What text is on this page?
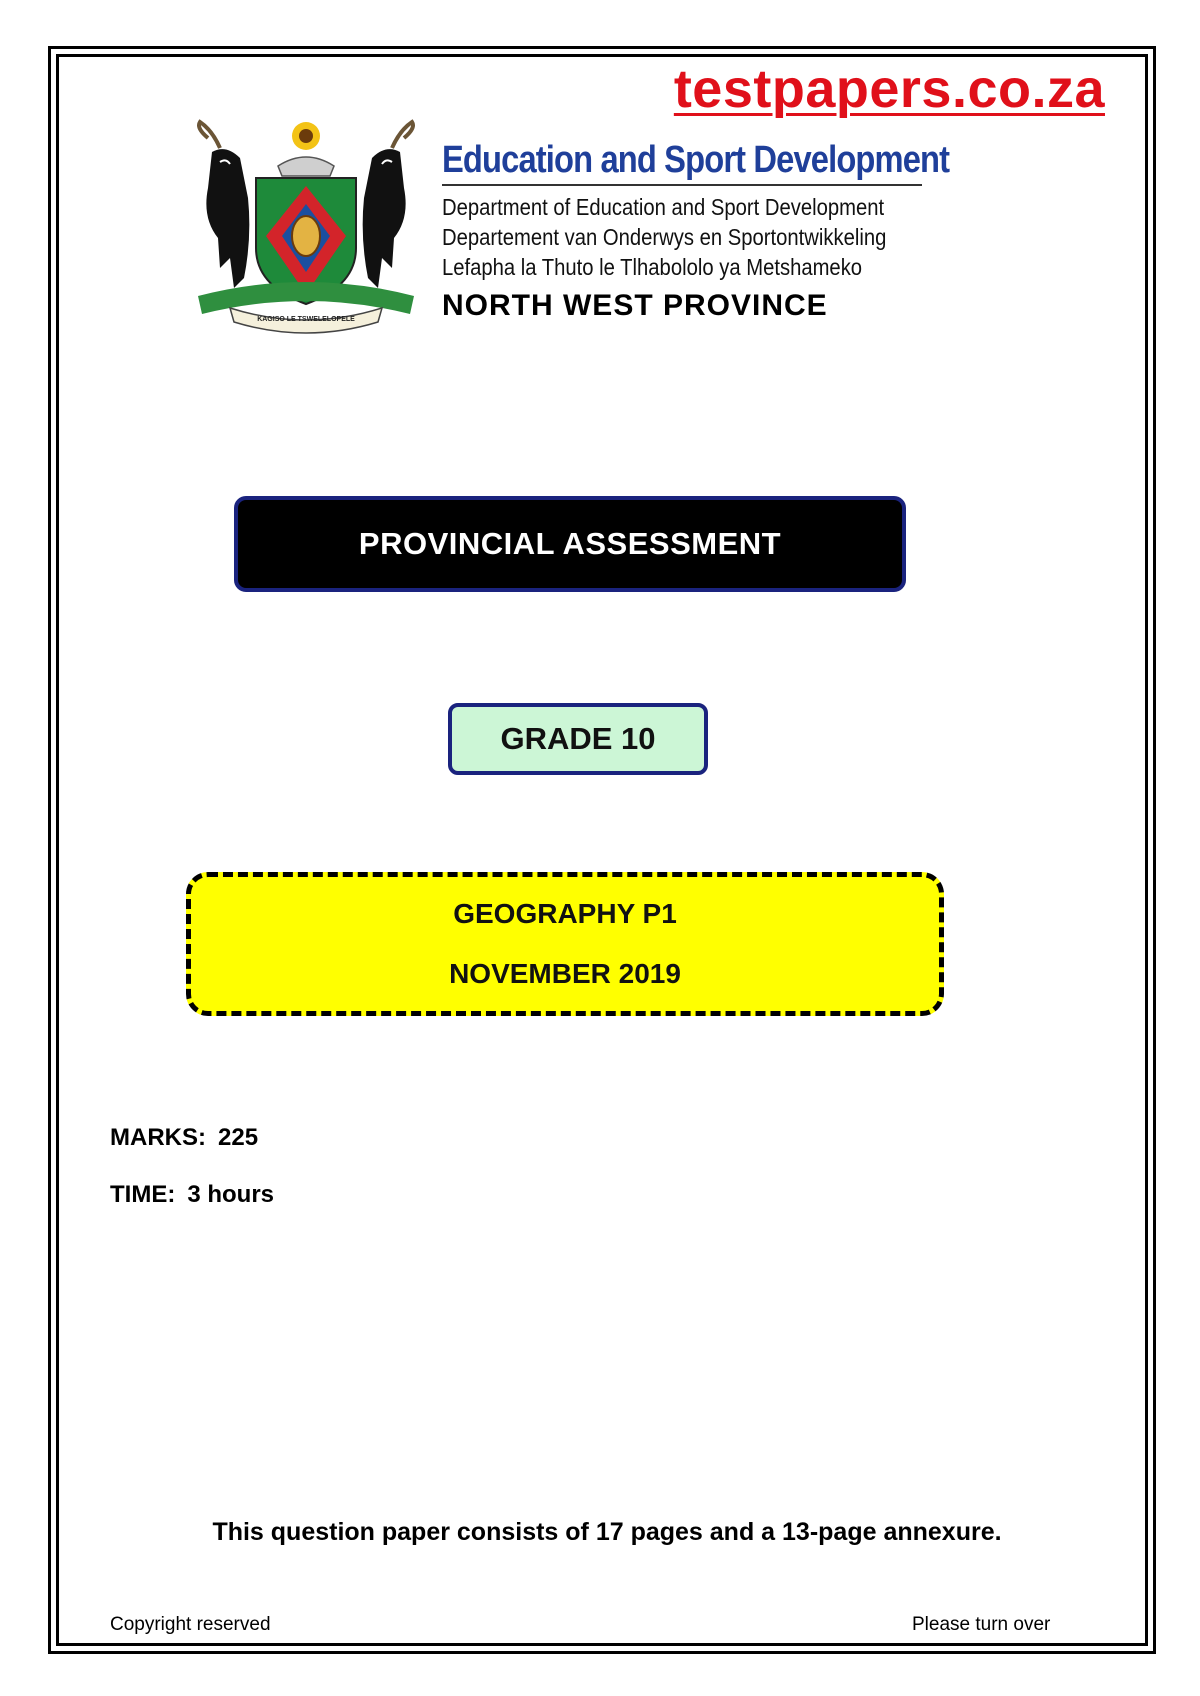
testpapers.co.za
KAGISO LE TSWELELOPELE
Education and Sport Development
Department of Education and Sport Development
Departement van Onderwys en Sportontwikkeling
Lefapha la Thuto le Tlhabololo ya Metshameko
NORTH WEST PROVINCE
PROVINCIAL ASSESSMENT
GRADE 10
GEOGRAPHY P1
NOVEMBER 2019
MARKS: 225
TIME: 3 hours
This question paper consists of 17 pages and a 13-page annexure.
Copyright reserved	Please turn over
